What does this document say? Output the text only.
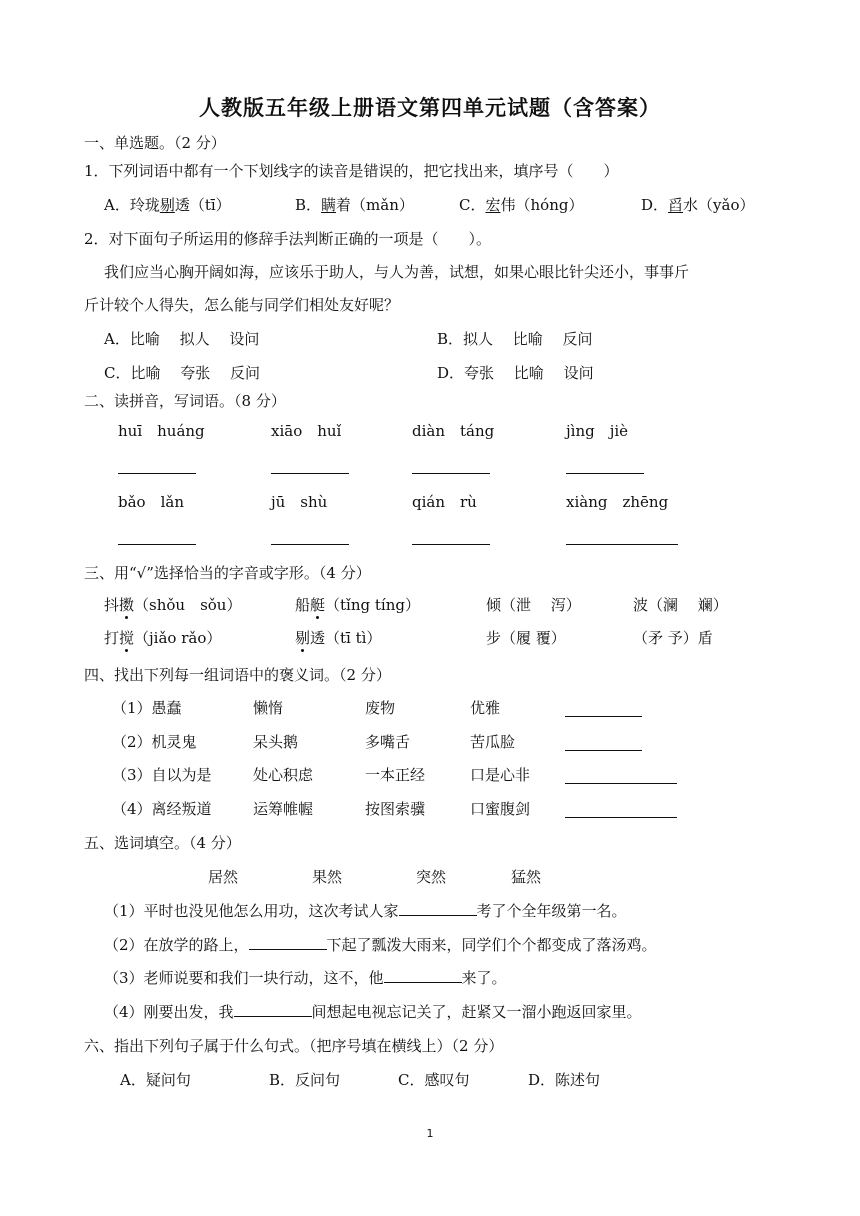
人教版五年级上册语文第四单元试题（含答案）
一、单选题。（2 分）
1．下列词语中都有一个下划线字的读音是错误的，把它找出来，填序号（　　）
A．玲珑剔透（tī）	B．瞒着（mǎn）	C．宏伟（hóng）	D．舀水（yǎo）
2．对下面句子所运用的修辞手法判断正确的一项是（　　）。
我们应当心胸开阔如海，应该乐于助人，与人为善，试想，如果心眼比针尖还小，事事斤
斤计较个人得失，怎么能与同学们相处友好呢？
A．比喻　 拟人　 设问	B．拟人　 比喻　 反问
C．比喻　 夸张　 反问	D．夸张　 比喻　 设问
二、读拼音，写词语。（8 分）
huī　huáng	xiāo　huǐ	diàn　táng	jìng　jiè
bǎo　lǎn	jū　shù	qián　rù	xiàng　zhēng
三、用“√”选择恰当的字音或字形。（4 分）
抖擞（shǒu　sǒu）	船艇（tǐng tíng）	倾（泄　 泻）	波（澜　 斓）
打搅（jiǎo rǎo）	剔透（tī tì）	步（履 覆）	（矛 予）盾
四、找出下列每一组词语中的褒义词。（2 分）
（1）愚蠢	懒惰	废物	优雅
（2）机灵鬼	呆头鹅	多嘴舌	苦瓜脸
（3）自以为是	处心积虑	一本正经	口是心非
（4）离经叛道	运筹帷幄	按图索骥	口蜜腹剑
五、选词填空。（4 分）
居然	果然	突然	猛然
（1）平时也没见他怎么用功，这次考试人家	考了个全年级第一名。
（2）在放学的路上，	下起了瓢泼大雨来，同学们个个都变成了落汤鸡。
（3）老师说要和我们一块行动，这不，他	来了。
（4）刚要出发，我	间想起电视忘记关了，赶紧又一溜小跑返回家里。
六、指出下列句子属于什么句式。（把序号填在横线上）（2 分）
A．疑问句	B．反问句	C．感叹句	D．陈述句
1
